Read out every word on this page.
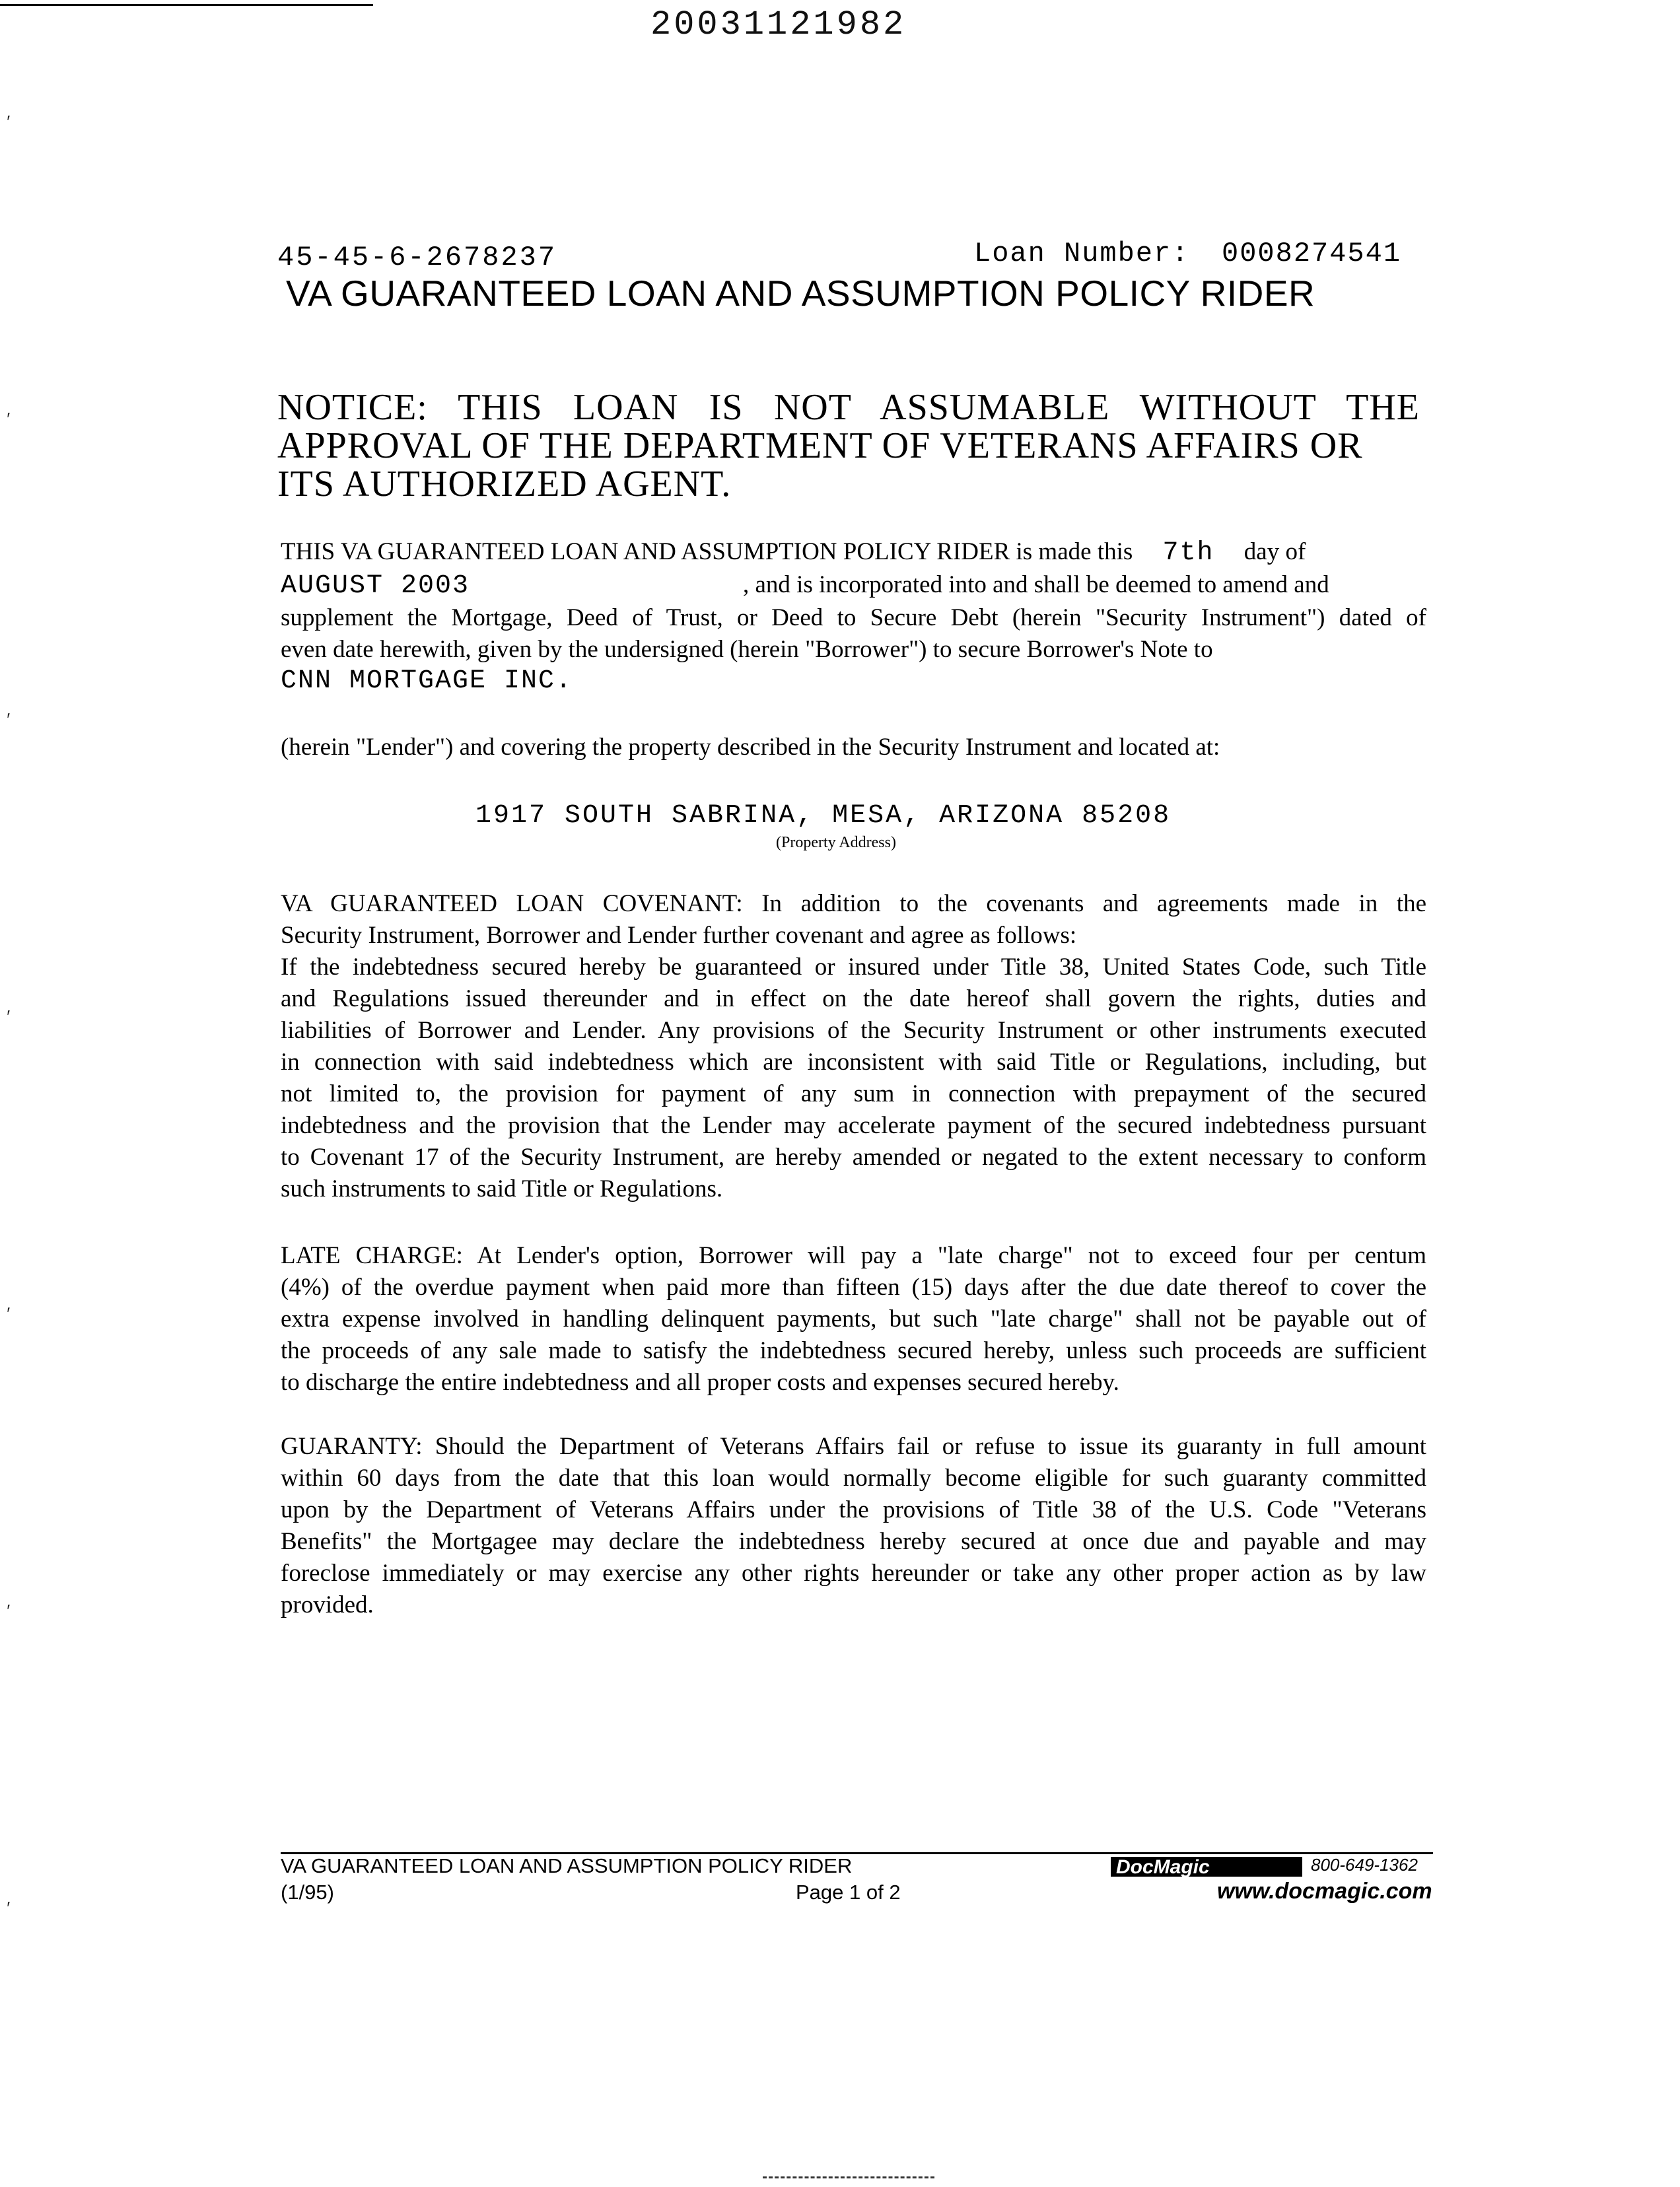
20031121982
ʹ
ʹ
ʹ
ʹ
ʹ
ʹ
ʹ
45-45-6-2678237	Loan Number: 0008274541
VA GUARANTEED LOAN AND ASSUMPTION POLICY RIDER

NOTICE: THIS LOAN IS NOT ASSUMABLE WITHOUT THE

APPROVAL OF THE DEPARTMENT OF VETERANS AFFAIRS OR

ITS AUTHORIZED AGENT.

THIS VA GUARANTEED LOAN AND ASSUMPTION POLICY RIDER is made this 7th day of

AUGUST 2003	, and is incorporated into and shall be deemed to amend and

supplement the Mortgage, Deed of Trust, or Deed to Secure Debt (herein "Security Instrument") dated of

even date herewith, given by the undersigned (herein "Borrower") to secure Borrower's Note to

CNN MORTGAGE INC.

(herein "Lender") and covering the property described in the Security Instrument and located at:

1917 SOUTH SABRINA, MESA, ARIZONA 85208
(Property Address)

VA GUARANTEED LOAN COVENANT: In addition to the covenants and agreements made in the

Security Instrument, Borrower and Lender further covenant and agree as follows:

If the indebtedness secured hereby be guaranteed or insured under Title 38, United States Code, such Title

and Regulations issued thereunder and in effect on the date hereof shall govern the rights, duties and

liabilities of Borrower and Lender. Any provisions of the Security Instrument or other instruments executed

in connection with said indebtedness which are inconsistent with said Title or Regulations, including, but

not limited to, the provision for payment of any sum in connection with prepayment of the secured

indebtedness and the provision that the Lender may accelerate payment of the secured indebtedness pursuant

to Covenant 17 of the Security Instrument, are hereby amended or negated to the extent necessary to conform

such instruments to said Title or Regulations.

LATE CHARGE: At Lender's option, Borrower will pay a "late charge" not to exceed four per centum

(4%) of the overdue payment when paid more than fifteen (15) days after the due date thereof to cover the

extra expense involved in handling delinquent payments, but such "late charge" shall not be payable out of

the proceeds of any sale made to satisfy the indebtedness secured hereby, unless such proceeds are sufficient

to discharge the entire indebtedness and all proper costs and expenses secured hereby.

GUARANTY: Should the Department of Veterans Affairs fail or refuse to issue its guaranty in full amount

within 60 days from the date that this loan would normally become eligible for such guaranty committed

upon by the Department of Veterans Affairs under the provisions of Title 38 of the U.S. Code "Veterans

Benefits" the Mortgagee may declare the indebtedness hereby secured at once due and payable and may

foreclose immediately or may exercise any other rights hereunder or take any other proper action as by law

provided.

VA GUARANTEED LOAN AND ASSUMPTION POLICY RIDER
(1/95)	Page 1 of 2
DocMagic	800-649-1362
www.docmagic.com
